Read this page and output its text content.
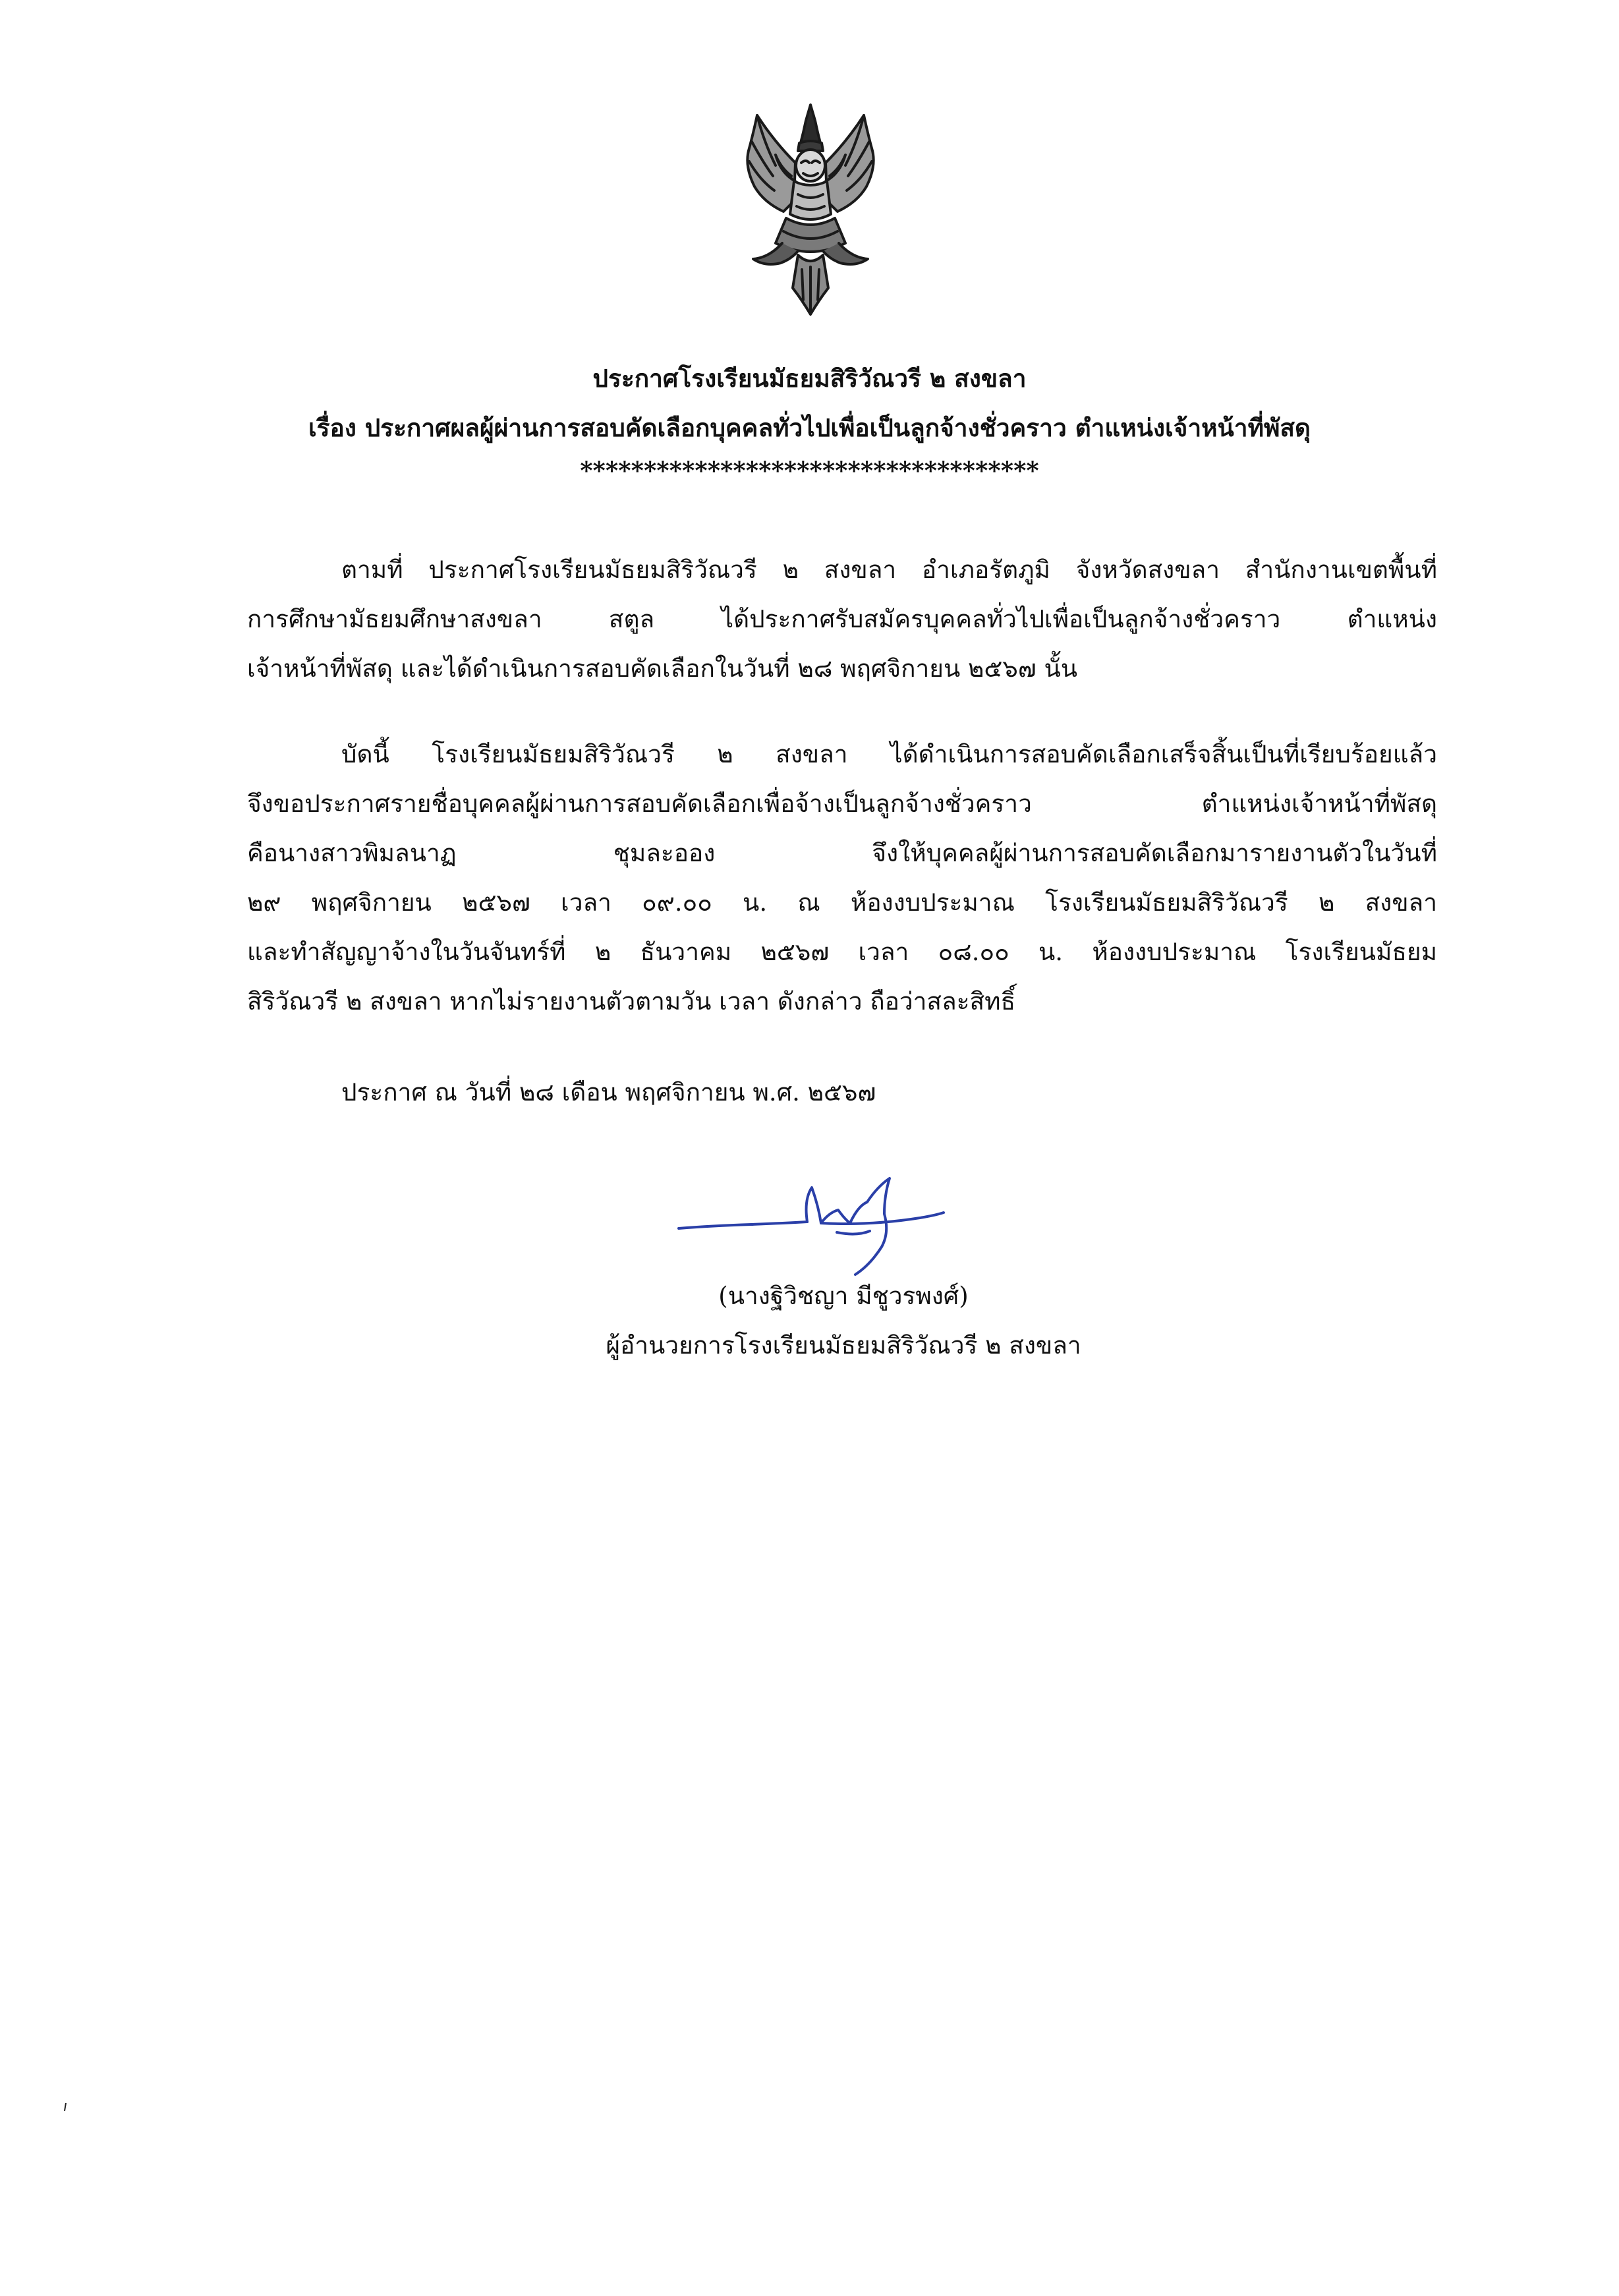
ประกาศโรงเรียนมัธยมสิริวัณวรี ๒ สงขลา
เรื่อง ประกาศผลผู้ผ่านการสอบคัดเลือกบุคคลทั่วไปเพื่อเป็นลูกจ้างชั่วคราว ตำแหน่งเจ้าหน้าที่พัสดุ
************************************
ตามที่ ประกาศโรงเรียนมัธยมสิริวัณวรี ๒ สงขลา อำเภอรัตภูมิ จังหวัดสงขลา สำนักงานเขตพื้นที่
การศึกษามัธยมศึกษาสงขลา สตูล ได้ประกาศรับสมัครบุคคลทั่วไปเพื่อเป็นลูกจ้างชั่วคราว ตำแหน่ง
เจ้าหน้าที่พัสดุ และได้ดำเนินการสอบคัดเลือกในวันที่ ๒๘ พฤศจิกายน ๒๕๖๗ นั้น
บัดนี้ โรงเรียนมัธยมสิริวัณวรี ๒ สงขลา ได้ดำเนินการสอบคัดเลือกเสร็จสิ้นเป็นที่เรียบร้อยแล้ว
จึงขอประกาศรายชื่อบุคคลผู้ผ่านการสอบคัดเลือกเพื่อจ้างเป็นลูกจ้างชั่วคราว ตำแหน่งเจ้าหน้าที่พัสดุ
คือนางสาวพิมลนาฏ ชุมละออง จึงให้บุคคลผู้ผ่านการสอบคัดเลือกมารายงานตัวในวันที่
๒๙ พฤศจิกายน ๒๕๖๗ เวลา ๐๙.๐๐ น. ณ ห้องงบประมาณ โรงเรียนมัธยมสิริวัณวรี ๒ สงขลา
และทำสัญญาจ้างในวันจันทร์ที่ ๒ ธันวาคม ๒๕๖๗ เวลา ๐๘.๐๐ น. ห้องงบประมาณ โรงเรียนมัธยม
สิริวัณวรี ๒ สงขลา หากไม่รายงานตัวตามวัน เวลา ดังกล่าว ถือว่าสละสิทธิ์
ประกาศ ณ วันที่ ๒๘ เดือน พฤศจิกายน พ.ศ. ๒๕๖๗
(นางฐิวิชญา มีชูวรพงศ์)
ผู้อำนวยการโรงเรียนมัธยมสิริวัณวรี ๒ สงขลา
